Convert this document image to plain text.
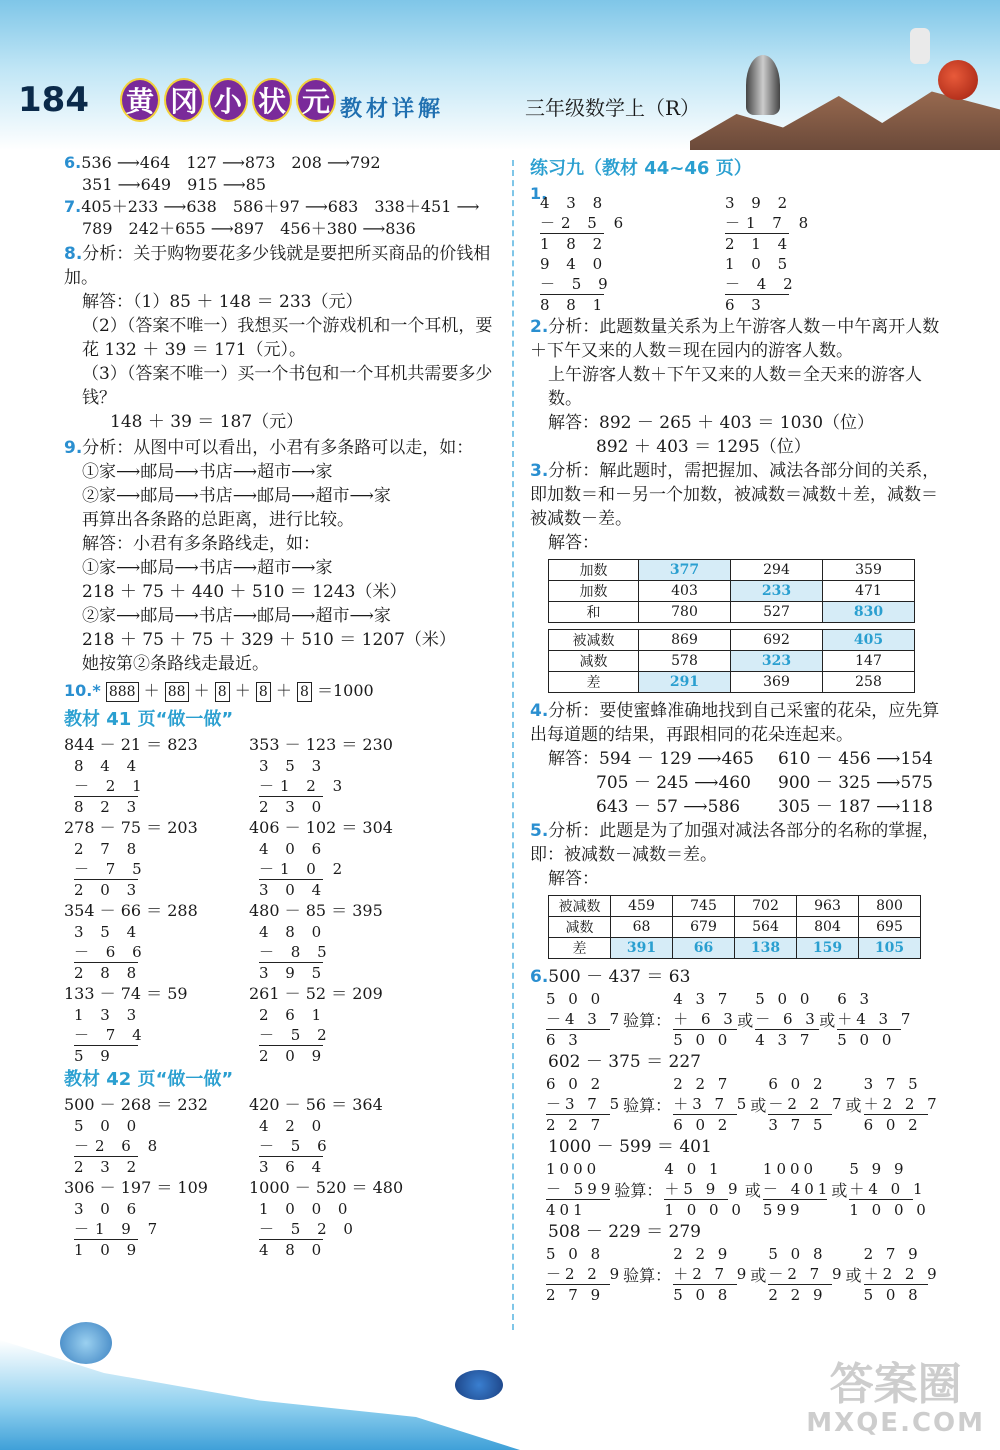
184 黄 冈 小 状 元 教材详解	三年级数学上（R）
6.536 ⟶464　127 ⟶873　208 ⟶792
351 ⟶649　915 ⟶85
7.405＋233 ⟶638　586＋97 ⟶683　338＋451 ⟶
789　242＋655 ⟶897　456＋380 ⟶836
8.分析：关于购物要花多少钱就是要把所买商品的价钱相加。
解答：（1）85 ＋ 148 ＝ 233（元）
（2）（答案不唯一）我想买一个游戏机和一个耳机，要花 132 ＋ 39 ＝ 171（元）。
（3）（答案不唯一）买一个书包和一个耳机共需要多少钱？
148 ＋ 39 ＝ 187（元）
9.分析：从图中可以看出，小君有多条路可以走，如：
①家⟶邮局⟶书店⟶超市⟶家
②家⟶邮局⟶书店⟶邮局⟶超市⟶家
再算出各条路的总距离，进行比较。
解答：小君有多条路线走，如：
①家⟶邮局⟶书店⟶超市⟶家
218 ＋ 75 ＋ 440 ＋ 510 ＝ 1243（米）
②家⟶邮局⟶书店⟶邮局⟶超市⟶家
218 ＋ 75 ＋ 75 ＋ 329 ＋ 510 ＝ 1207（米）
她按第②条路线走最近。
10.* 888 ＋ 88 ＋ 8 ＋ 8 ＋ 8 ＝1000
教材 41 页“做一做”
844 － 21 ＝ 823
8 4 4
－ 2 1
8 2 3
353 － 123 ＝ 230
3 5 3
－1 2 3
2 3 0
278 － 75 ＝ 203
2 7 8
－ 7 5
2 0 3
406 － 102 ＝ 304
4 0 6
－1 0 2
3 0 4
354 － 66 ＝ 288
3 5 4
－ 6 6
2 8 8
480 － 85 ＝ 395
4 8 0
－ 8 5
3 9 5
133 － 74 ＝ 59
1 3 3
－ 7 4
5 9
261 － 52 ＝ 209
2 6 1
－ 5 2
2 0 9
教材 42 页“做一做”
500 － 268 ＝ 232
5 0 0
－2 6 8
2 3 2
420 － 56 ＝ 364
4 2 0
－ 5 6
3 6 4
306 － 197 ＝ 109
3 0 6
－1 9 7
1 0 9
1000 － 520 ＝ 480
1 0 0 0
－ 5 2 0
4 8 0
练习九（教材 44~46 页）
1.
4 3 8
－2 5 6
1 8 2
3 9 2
－1 7 8
2 1 4
9 4 0
－ 5 9
8 8 1
1 0 5
－ 4 2
6 3
2.分析：此题数量关系为上午游客人数－中午离开人数＋下午又来的人数＝现在园内的游客人数。
上午游客人数＋下午又来的人数＝全天来的游客人数。
解答：892 － 265 ＋ 403 ＝ 1030（位）
892 ＋ 403 ＝ 1295（位）
3.分析：解此题时，需把握加、减法各部分间的关系，即加数＝和－另一个加数，被减数＝减数＋差，减数＝被减数－差。
解答：
加数	377	294	359
加数	403	233	471
和	780	527	830
被减数	869	692	405
减数	578	323	147
差	291	369	258
4.分析：要使蜜蜂准确地找到自己采蜜的花朵，应先算出每道题的结果，再跟相同的花朵连起来。
解答：594 － 129 ⟶465	610 － 456 ⟶154
705 － 245 ⟶460	900 － 325 ⟶575
643 － 57 ⟶586	305 － 187 ⟶118
5.分析：此题是为了加强对减法各部分的名称的掌握，即：被减数－减数＝差。
解答：
被减数	459	745	702	963	800
减数	68	679	564	804	695
差	391	66	138	159	105
6.500 － 437 ＝ 63
5 0 0
－4 3 7
6 3
验算：
4 3 7
＋ 6 3
5 0 0
或
5 0 0
－ 6 3
4 3 7
或
6 3
＋4 3 7
5 0 0
602 － 375 ＝ 227
6 0 2
－3 7 5
2 2 7
验算：
2 2 7
＋3 7 5
6 0 2
或
6 0 2
－2 2 7
3 7 5
或
3 7 5
＋2 2 7
6 0 2
1000 － 599 ＝ 401
1000
－ 599
401
验算：
4 0 1
＋5 9 9
1 0 0 0
或
1000
－ 401
599
或
5 9 9
＋4 0 1
1 0 0 0
508 － 229 ＝ 279
5 0 8
－2 2 9
2 7 9
验算：
2 2 9
＋2 7 9
5 0 8
或
5 0 8
－2 7 9
2 2 9
或
2 7 9
＋2 2 9
5 0 8
答案圈
MXQE.COM
